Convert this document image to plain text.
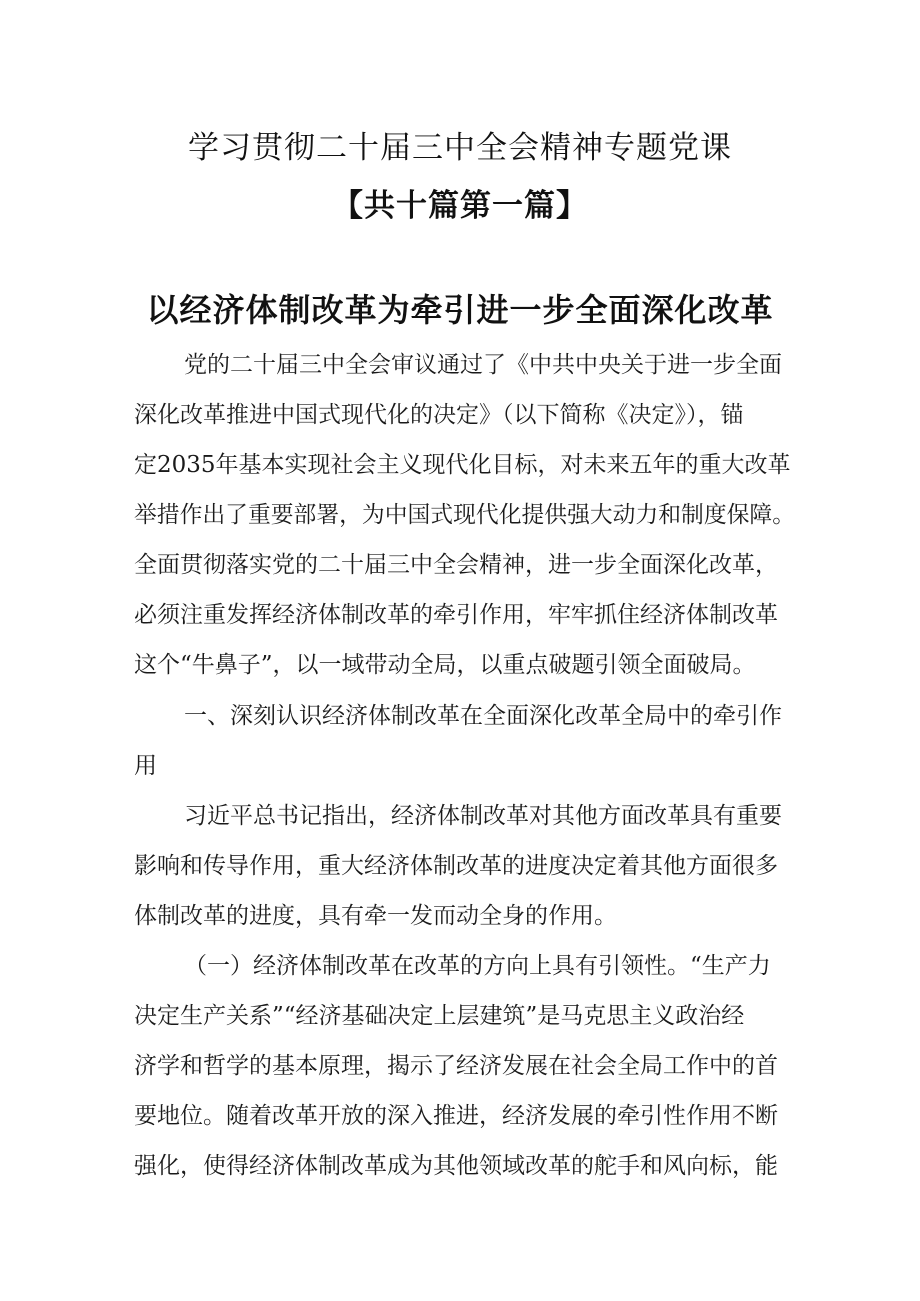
学习贯彻二十届三中全会精神专题党课
【共十篇第一篇】
以经济体制改革为牵引进一步全面深化改革
党的二十届三中全会审议通过了《中共中央关于进一步全面
深化改革推进中国式现代化的决定》（以下简称《决定》），锚
定2035年基本实现社会主义现代化目标，对未来五年的重大改革
举措作出了重要部署，为中国式现代化提供强大动力和制度保障。
全面贯彻落实党的二十届三中全会精神，进一步全面深化改革，
必须注重发挥经济体制改革的牵引作用，牢牢抓住经济体制改革
这个“牛鼻子”，以一域带动全局，以重点破题引领全面破局。
一、深刻认识经济体制改革在全面深化改革全局中的牵引作
用
习近平总书记指出，经济体制改革对其他方面改革具有重要
影响和传导作用，重大经济体制改革的进度决定着其他方面很多
体制改革的进度，具有牵一发而动全身的作用。
（一）经济体制改革在改革的方向上具有引领性。“生产力
决定生产关系”“经济基础决定上层建筑”是马克思主义政治经
济学和哲学的基本原理，揭示了经济发展在社会全局工作中的首
要地位。随着改革开放的深入推进，经济发展的牵引性作用不断
强化，使得经济体制改革成为其他领域改革的舵手和风向标，能
